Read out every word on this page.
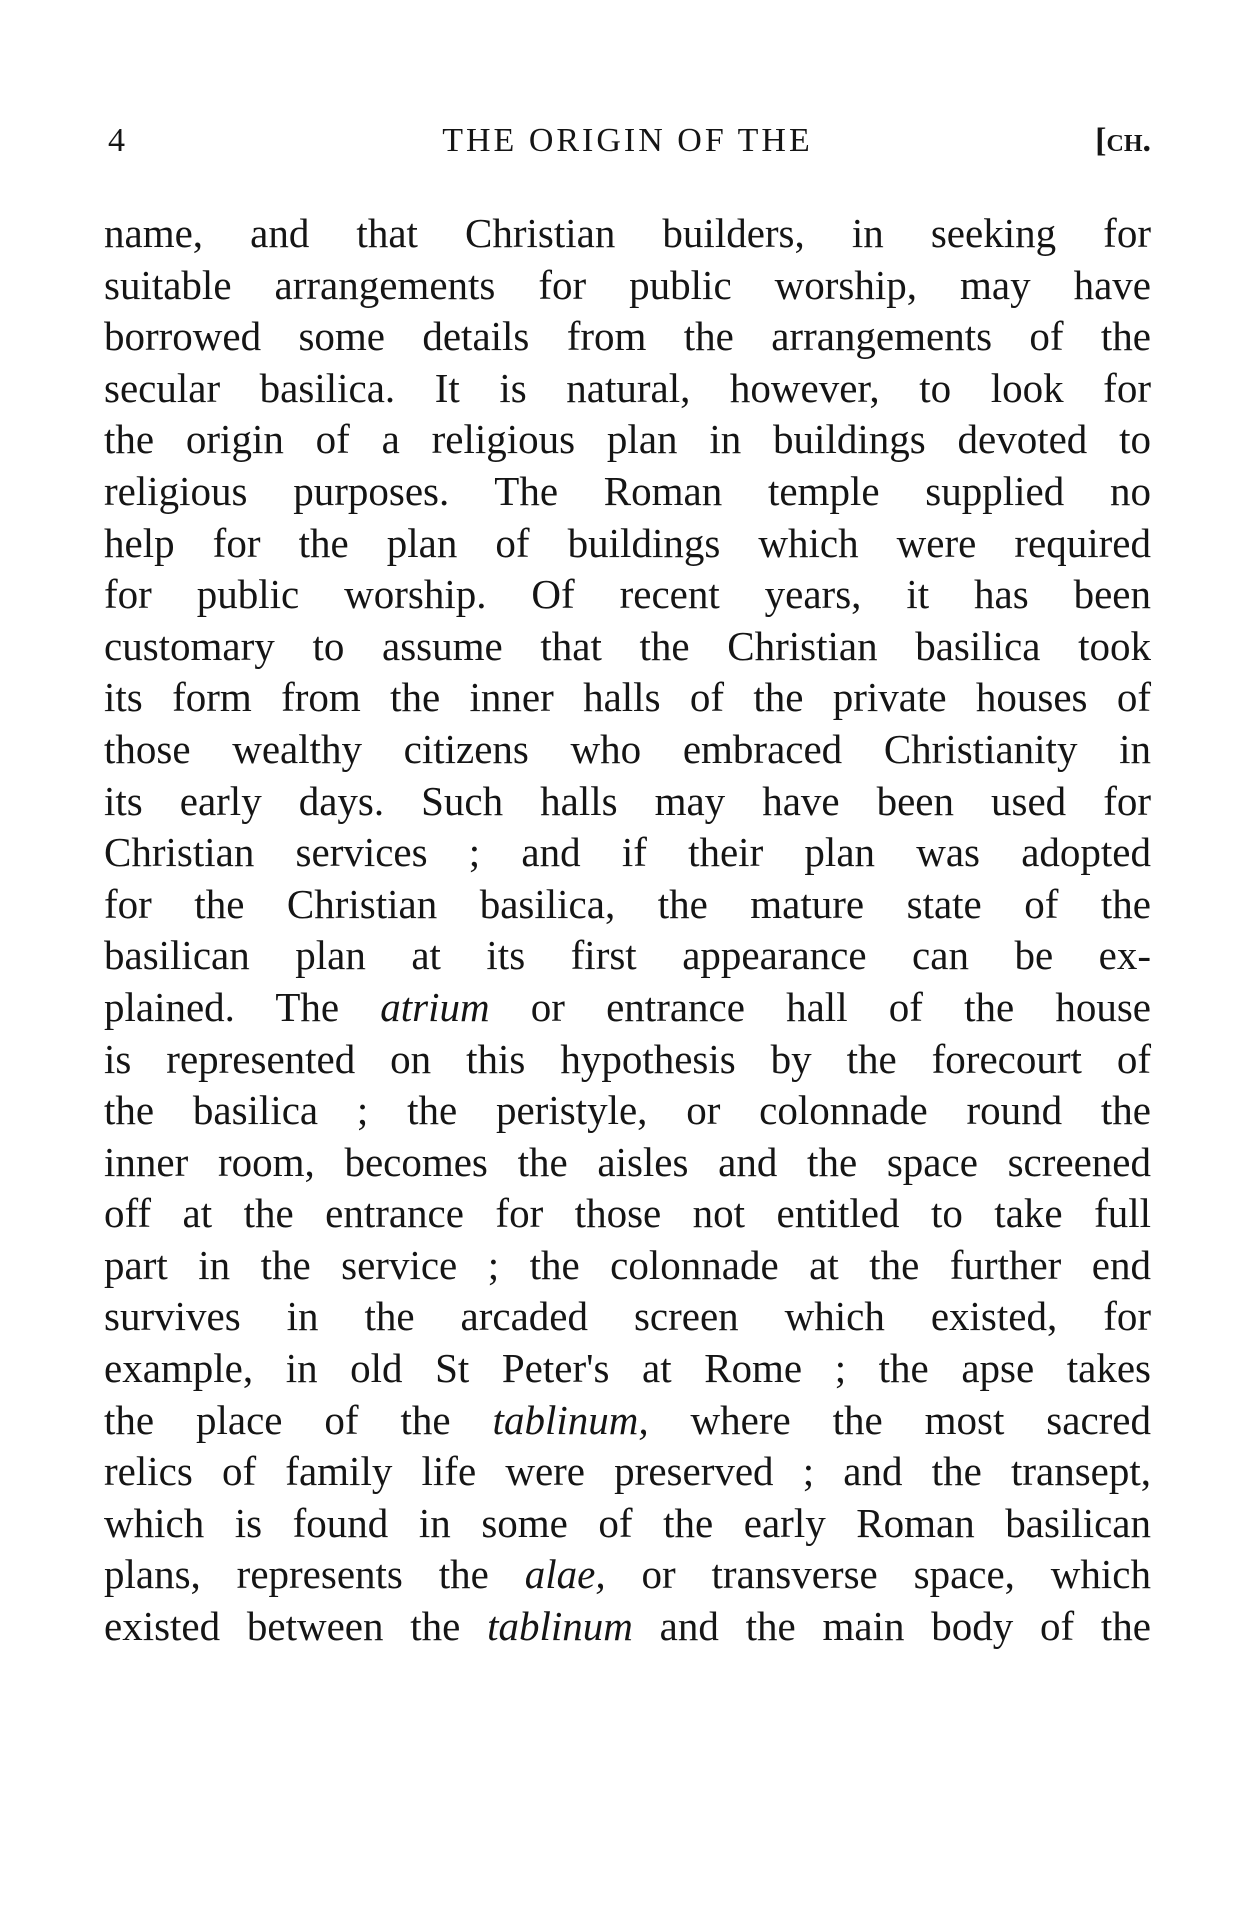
4	THE ORIGIN OF THE	[ch.
name, and that Christian builders, in seeking for
suitable arrangements for public worship, may have
borrowed some details from the arrangements of the
secular basilica. It is natural, however, to look for
the origin of a religious plan in buildings devoted to
religious purposes. The Roman temple supplied no
help for the plan of buildings which were required
for public worship. Of recent years, it has been
customary to assume that the Christian basilica took
its form from the inner halls of the private houses of
those wealthy citizens who embraced Christianity in
its early days. Such halls may have been used for
Christian services ; and if their plan was adopted
for the Christian basilica, the mature state of the
basilican plan at its first appearance can be ex-
plained. The atrium or entrance hall of the house
is represented on this hypothesis by the forecourt of
the basilica ; the peristyle, or colonnade round the
inner room, becomes the aisles and the space screened
off at the entrance for those not entitled to take full
part in the service ; the colonnade at the further end
survives in the arcaded screen which existed, for
example, in old St Peter's at Rome ; the apse takes
the place of the tablinum, where the most sacred
relics of family life were preserved ; and the transept,
which is found in some of the early Roman basilican
plans, represents the alae, or transverse space, which
existed between the tablinum and the main body of the
